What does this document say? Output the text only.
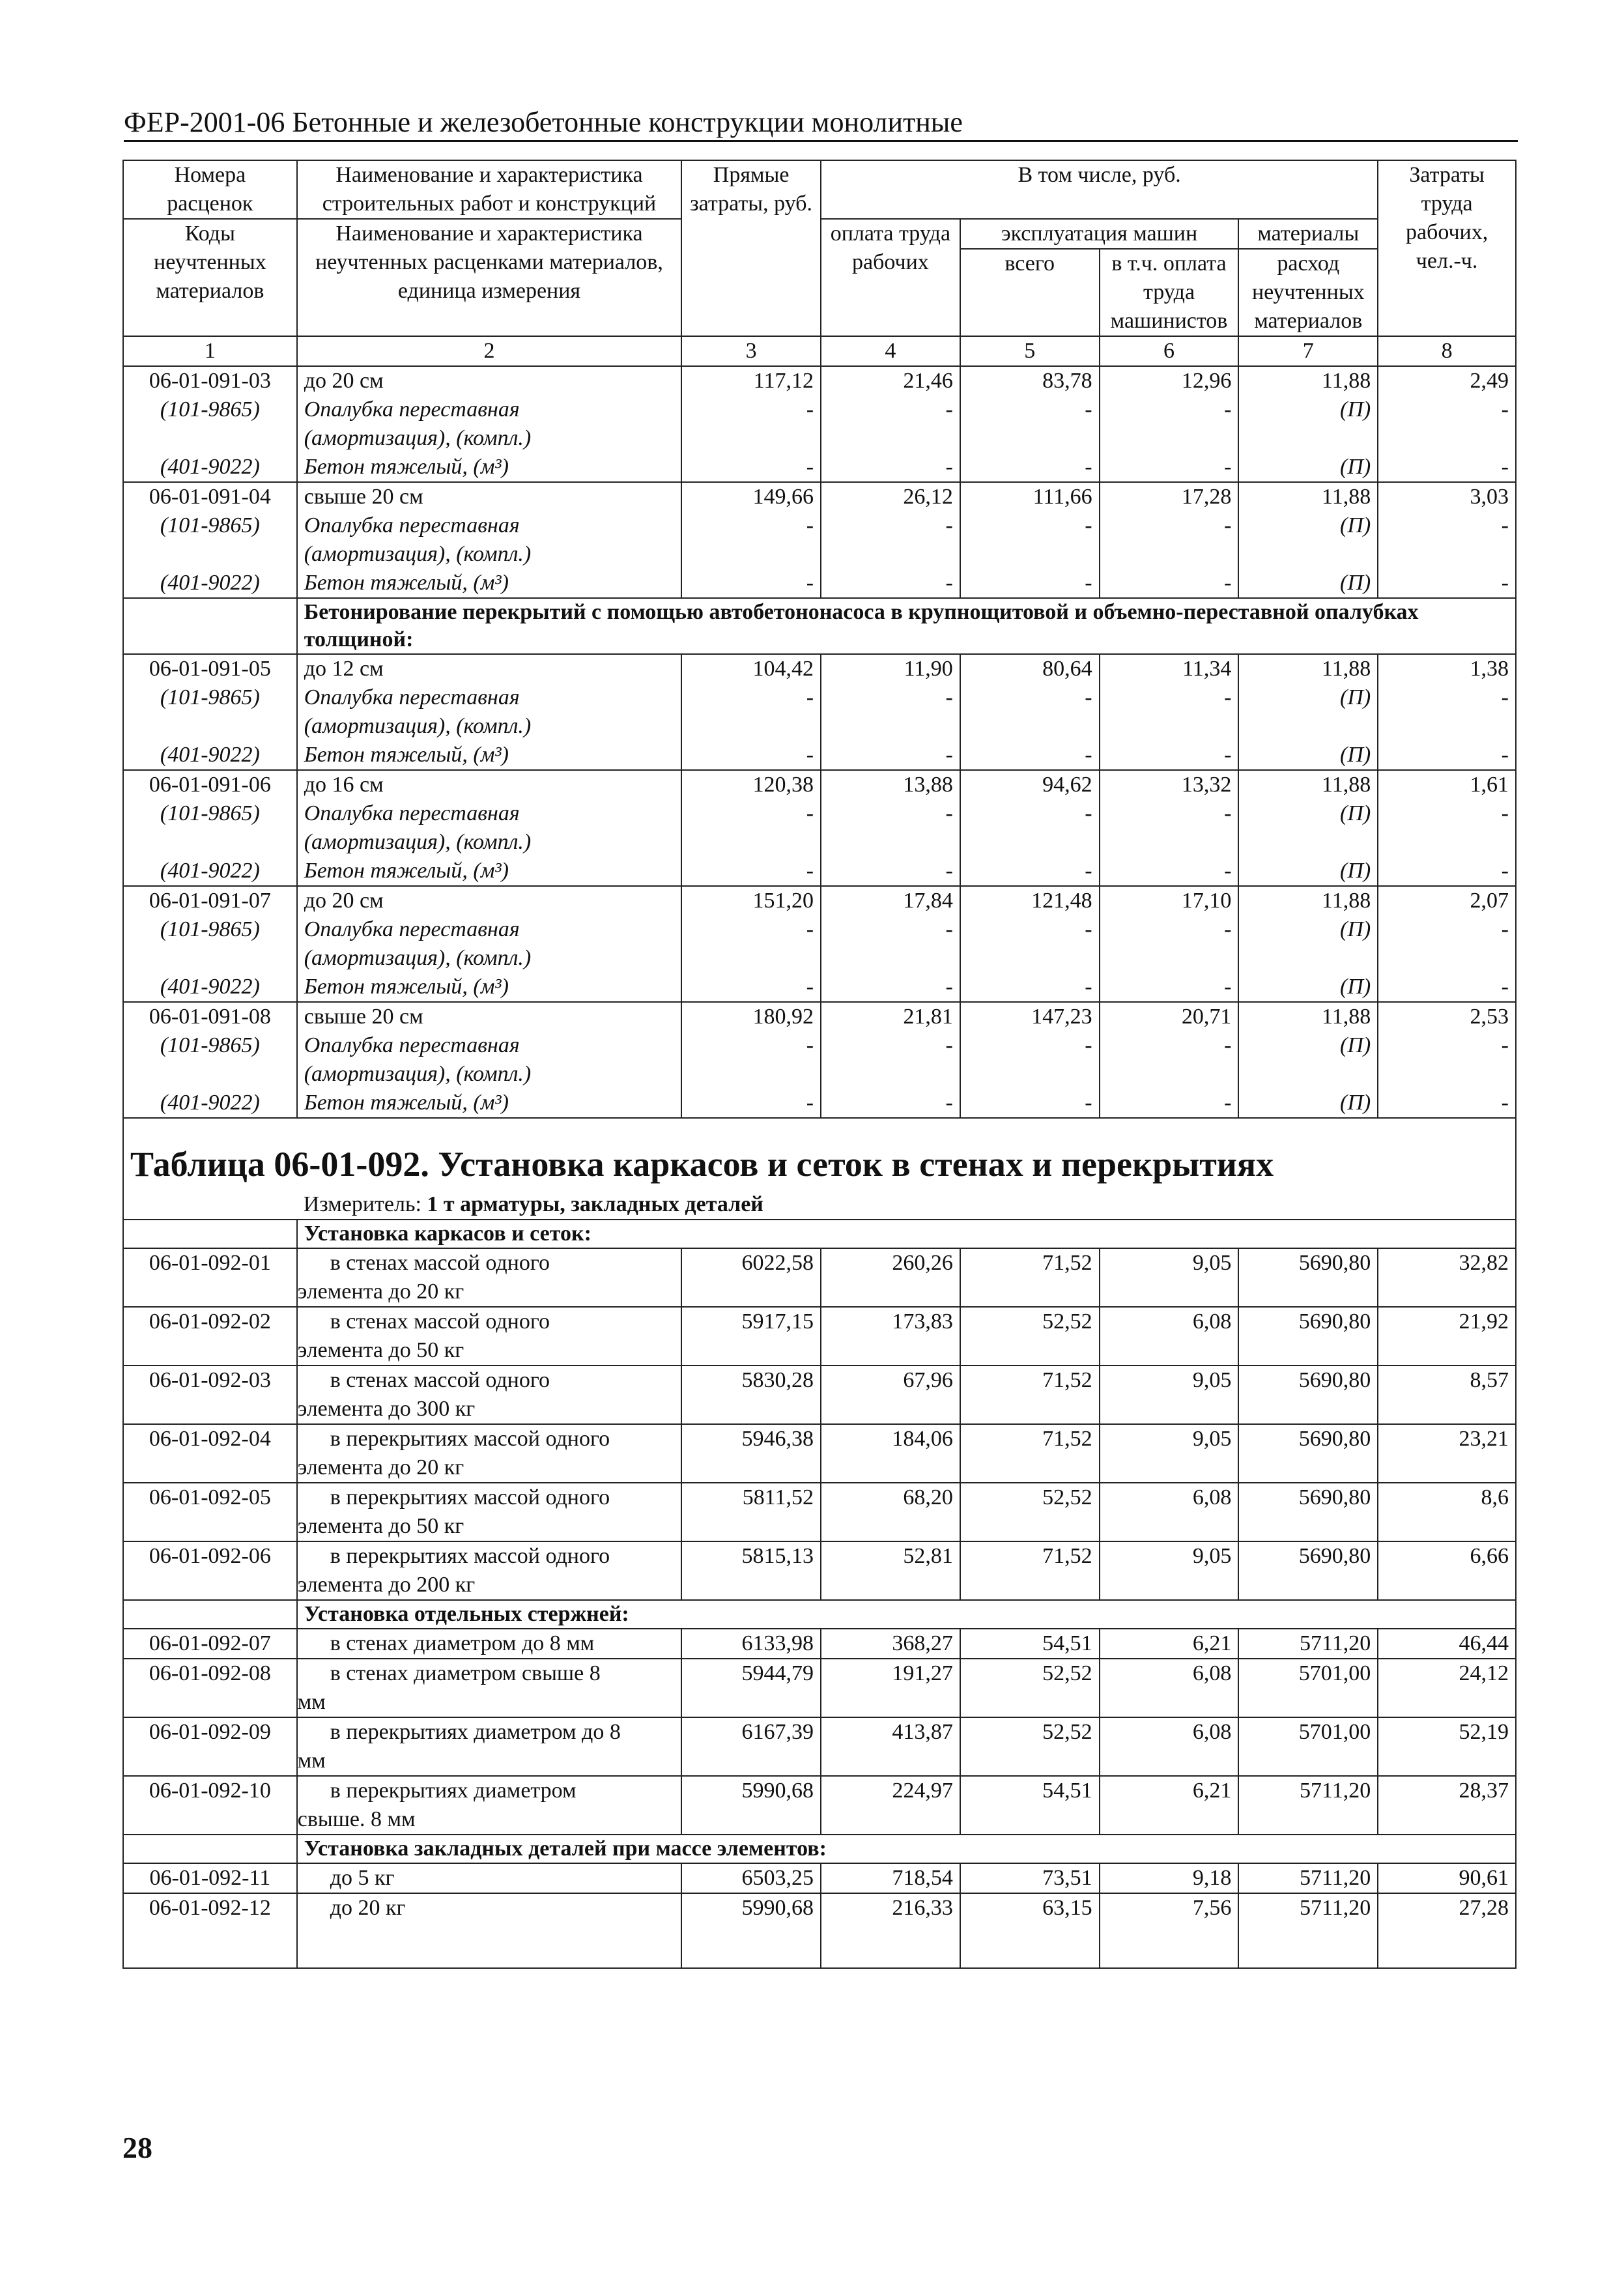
ФЕР-2001-06 Бетонные и железобетонные конструкции монолитные
Номера расценок	Наименование и характеристика строительных работ и конструкций	Прямые затраты, руб.	В том числе, руб.				Затраты труда рабочих, чел.-ч.
Коды неучтенных материалов	Наименование и характеристика неучтенных расценками материалов, единица измерения		оплата труда рабочих	эксплуатация машин		материалы	
				всего	в т.ч. оплата труда машинистов	расход неучтенных материалов	
1	2	3	4	5	6	7	8
06-01-091-03	до 20 см	117,12	21,46	83,78	12,96	11,88	2,49
(101-9865)	Опалубка переставная
(амортизация), (компл.)	-	-	-	-	(П)	-
(401-9022)	Бетон тяжелый, (м³)	-	-	-	-	(П)	-
06-01-091-04	свыше 20 см	149,66	26,12	111,66	17,28	11,88	3,03
(101-9865)	Опалубка переставная
(амортизация), (компл.)	-	-	-	-	(П)	-
(401-9022)	Бетон тяжелый, (м³)	-	-	-	-	(П)	-
	Бетонирование перекрытий с помощью автобетононасоса в крупнощитовой и объемно-переставной опалубках толщиной:						
06-01-091-05	до 12 см	104,42	11,90	80,64	11,34	11,88	1,38
(101-9865)	Опалубка переставная
(амортизация), (компл.)	-	-	-	-	(П)	-
(401-9022)	Бетон тяжелый, (м³)	-	-	-	-	(П)	-
06-01-091-06	до 16 см	120,38	13,88	94,62	13,32	11,88	1,61
(101-9865)	Опалубка переставная
(амортизация), (компл.)	-	-	-	-	(П)	-
(401-9022)	Бетон тяжелый, (м³)	-	-	-	-	(П)	-
06-01-091-07	до 20 см	151,20	17,84	121,48	17,10	11,88	2,07
(101-9865)	Опалубка переставная
(амортизация), (компл.)	-	-	-	-	(П)	-
(401-9022)	Бетон тяжелый, (м³)	-	-	-	-	(П)	-
06-01-091-08	свыше 20 см	180,92	21,81	147,23	20,71	11,88	2,53
(101-9865)	Опалубка переставная
(амортизация), (компл.)	-	-	-	-	(П)	-
(401-9022)	Бетон тяжелый, (м³)	-	-	-	-	(П)	-

Таблица 06-01-092. Установка каркасов и сеток в стенах и перекрытиях							

	Измеритель: 1 т арматуры, закладных деталей						
	Установка каркасов и сеток:						
06-01-092-01	в стенах массой одного
элемента до 20 кг	6022,58	260,26	71,52	9,05	5690,80	32,82
06-01-092-02	в стенах массой одного
элемента до 50 кг	5917,15	173,83	52,52	6,08	5690,80	21,92
06-01-092-03	в стенах массой одного
элемента до 300 кг	5830,28	67,96	71,52	9,05	5690,80	8,57
06-01-092-04	в перекрытиях массой одного
элемента до 20 кг	5946,38	184,06	71,52	9,05	5690,80	23,21
06-01-092-05	в перекрытиях массой одного
элемента до 50 кг	5811,52	68,20	52,52	6,08	5690,80	8,6
06-01-092-06	в перекрытиях массой одного
элемента до 200 кг	5815,13	52,81	71,52	9,05	5690,80	6,66
	Установка отдельных стержней:						
06-01-092-07	в стенах диаметром до 8 мм	6133,98	368,27	54,51	6,21	5711,20	46,44
06-01-092-08	в стенах диаметром свыше 8
мм	5944,79	191,27	52,52	6,08	5701,00	24,12
06-01-092-09	в перекрытиях диаметром до 8
мм	6167,39	413,87	52,52	6,08	5701,00	52,19
06-01-092-10	в перекрытиях диаметром
свыше. 8 мм	5990,68	224,97	54,51	6,21	5711,20	28,37
	Установка закладных деталей при массе элементов:						
06-01-092-11	до 5 кг	6503,25	718,54	73,51	9,18	5711,20	90,61
06-01-092-12	до 20 кг	5990,68	216,33	63,15	7,56	5711,20	27,28

28
